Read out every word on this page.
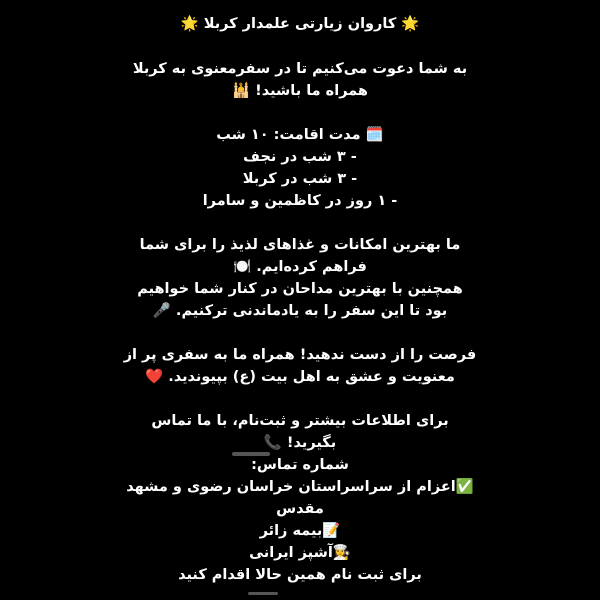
🌟 کاروان زیارتی علمدار کربلا 🌟
به شما دعوت می‌کنیم تا در سفرمعنوی به کربلا
همراه ما باشید! 🕌
🗓️ مدت اقامت: ۱۰ شب
- ۳ شب در نجف
- ۳ شب در کربلا
- ۱ روز در کاظمین و سامرا
ما بهترین امکانات و غذاهای لذیذ را برای شما
فراهم کرده‌ایم. 🍽️
همچنین با بهترین مداحان در کنار شما خواهیم
بود تا این سفر را به یادماندنی ترکنیم. 🎤
فرصت را از دست ندهید! همراه ما به سفری پر از
معنویت و عشق به اهل بیت (ع) بپیوندید. ❤️
برای اطلاعات بیشتر و ثبت‌نام، با ما تماس
بگیرید! 📞
شماره تماس:
✅اعزام از سراسراستان خراسان رضوی و مشهد
مقدس
📝بیمه زائر
👩‍🍳آشپز ایرانی
برای ثبت نام همین حالا اقدام کنید
